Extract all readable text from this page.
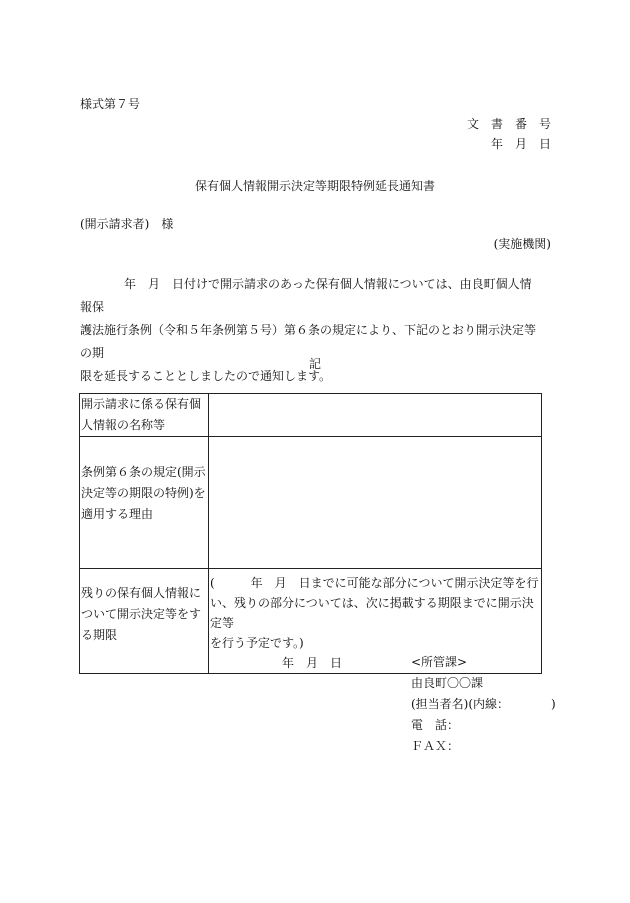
様式第７号
文　書　番　号
年　月　日
保有個人情報開示決定等期限特例延長通知書
(開示請求者)　様
(実施機関)

年　月　日付けで開示請求のあった保有個人情報については、由良町個人情報保

護法施行条例（令和５年条例第５号）第６条の規定により、下記のとおり開示決定等の期

限を延長することとしましたので通知します。

記
開示請求に係る保有個
人情報の名称等	

条例第６条の規定(開示
決定等の期限の特例)を
適用する理由	

残りの保有個人情報に
ついて開示決定等をす
る期限	(　　　年　月　日までに可能な部分について開示決定等を行
い、残りの部分については、次に掲載する期限までに開示決定等
を行う予定です。)
　　　　　　年　月　日	<所管課>
由良町〇〇課
(担当者名)(内線：　　　　)
電　話：
ＦＡＸ：
